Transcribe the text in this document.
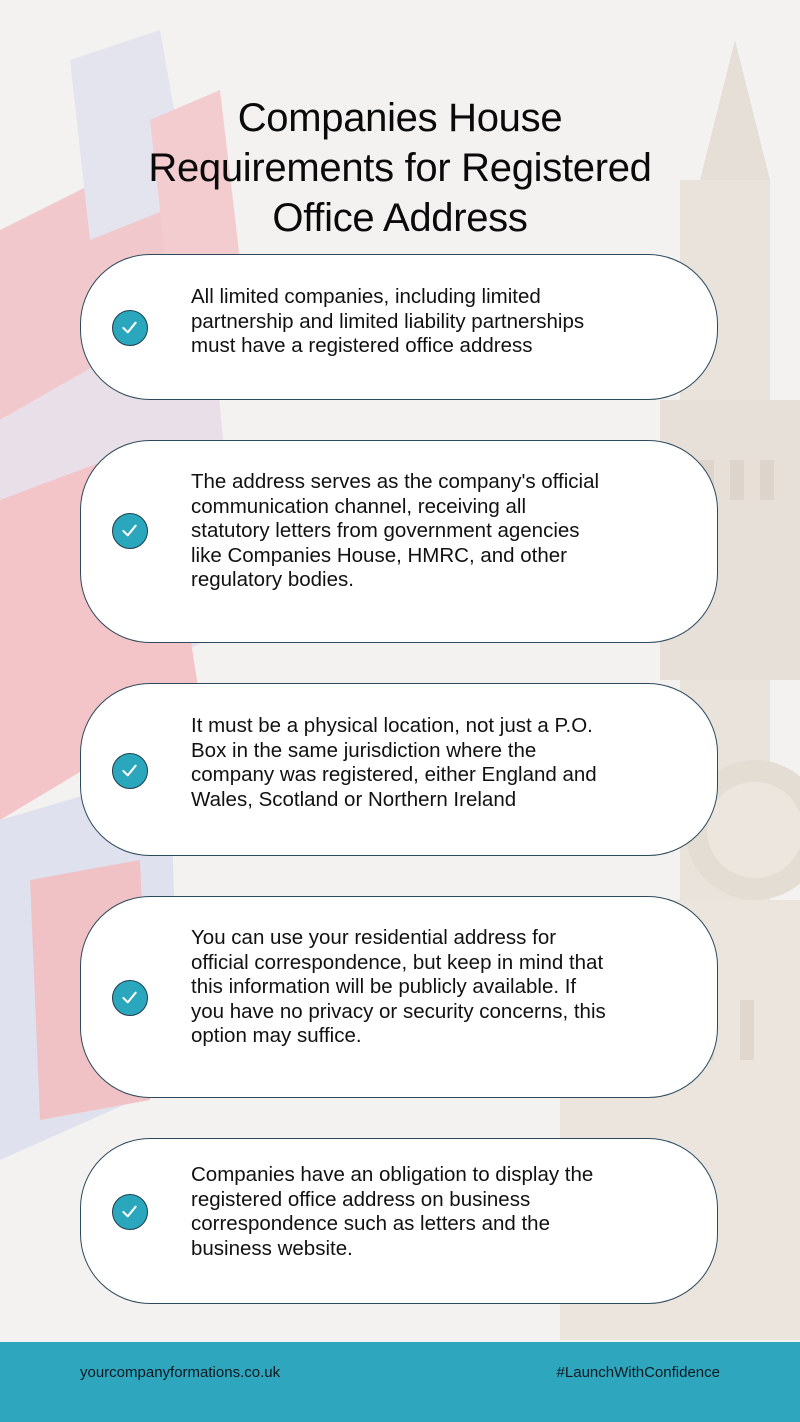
Companies House
Requirements for Registered
Office Address
All limited companies, including limited
partnership and limited liability partnerships
must have a registered office address
The address serves as the company's official
communication channel, receiving all
statutory letters from government agencies
like Companies House, HMRC, and other
regulatory bodies.
It must be a physical location, not just a P.O.
Box in the same jurisdiction where the
company was registered, either England and
Wales, Scotland or Northern Ireland
You can use your residential address for
official correspondence, but keep in mind that
this information will be publicly available. If
you have no privacy or security concerns, this
option may suffice.
Companies have an obligation to display the
registered office address on business
correspondence such as letters and the
business website.
yourcompanyformations.co.uk	#LaunchWithConfidence
